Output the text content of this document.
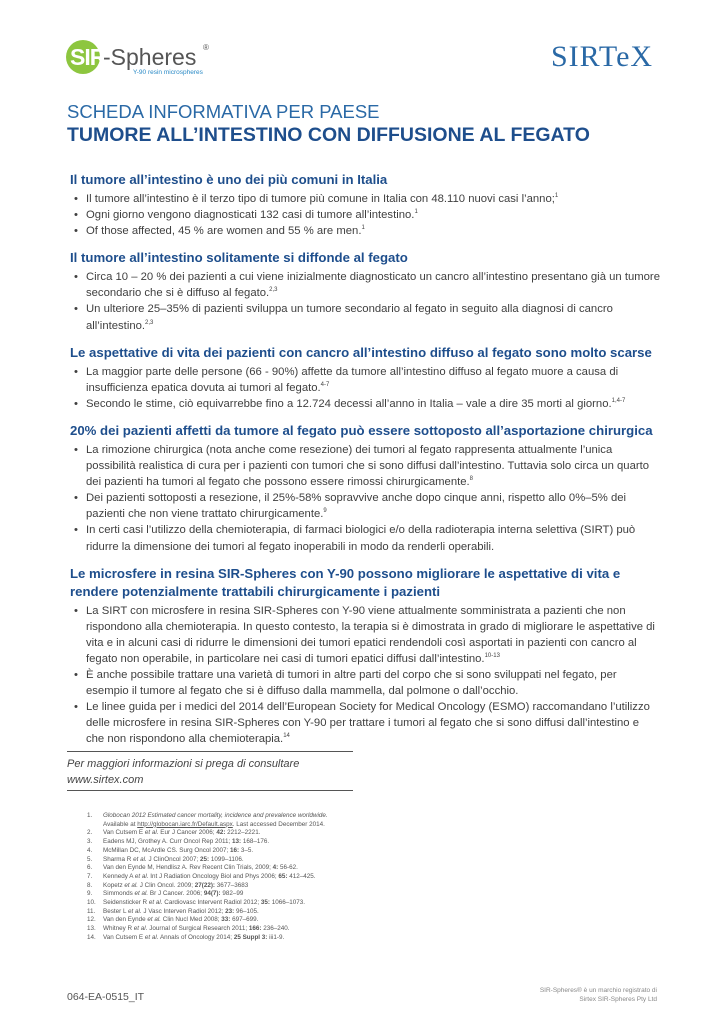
SIR
-Spheres ®
Y-90 resin microspheres	SIRTeX
SCHEDA INFORMATIVA PER PAESE
TUMORE ALL’INTESTINO CON DIFFUSIONE AL FEGATO
Il tumore all’intestino è uno dei più comuni in Italia
• Il tumore all’intestino è il terzo tipo di tumore più comune in Italia con 48.110 nuovi casi l’anno;$^1$
• Ogni giorno vengono diagnosticati 132 casi di tumore all’intestino.$^1$
• Of those affected, 45 % are women and 55 % are men.$^1$
Il tumore all’intestino solitamente si diffonde al fegato
• Circa 10 – 20 % dei pazienti a cui viene inizialmente diagnosticato un cancro all’intestino presentano già un tumore secondario che si è diffuso al fegato.$^{2,3}$
• Un ulteriore 25–35% di pazienti sviluppa un tumore secondario al fegato in seguito alla diagnosi di cancro all’intestino.$^{2,3}$
Le aspettative di vita dei pazienti con cancro all’intestino diffuso al fegato sono molto scarse
• La maggior parte delle persone (66 - 90%) affette da tumore all’intestino diffuso al fegato muore a causa di insufficienza epatica dovuta ai tumori al fegato.$^{4-7}$
• Secondo le stime, ciò equivarrebbe fino a 12.724 decessi all’anno in Italia – vale a dire 35 morti al giorno.$^{1,4-7}$
20% dei pazienti affetti da tumore al fegato può essere sottoposto all’asportazione chirurgica
• La rimozione chirurgica (nota anche come resezione) dei tumori al fegato rappresenta attualmente l’unica possibilità realistica di cura per i pazienti con tumori che si sono diffusi dall’intestino. Tuttavia solo circa un quarto dei pazienti ha tumori al fegato che possono essere rimossi chirurgicamente.$^8$
• Dei pazienti sottoposti a resezione, il 25%-58% sopravvive anche dopo cinque anni, rispetto allo 0%–5% dei pazienti che non viene trattato chirurgicamente.$^9$
• In certi casi l’utilizzo della chemioterapia, di farmaci biologici e/o della radioterapia interna selettiva (SIRT) può ridurre la dimensione dei tumori al fegato inoperabili in modo da renderli operabili.
Le microsfere in resina SIR-Spheres con Y-90 possono migliorare le aspettative di vita e rendere potenzialmente trattabili chirurgicamente i pazienti
• La SIRT con microsfere in resina SIR-Spheres con Y-90 viene attualmente somministrata a pazienti che non rispondono alla chemioterapia. In questo contesto, la terapia si è dimostrata in grado di migliorare le aspettative di vita e in alcuni casi di ridurre le dimensioni dei tumori epatici rendendoli così asportati in pazienti con cancro al fegato non operabile, in particolare nei casi di tumori epatici diffusi dall’intestino.$^{10-13}$
• È anche possibile trattare una varietà di tumori in altre parti del corpo che si sono sviluppati nel fegato, per esempio il tumore al fegato che si è diffuso dalla mammella, dal polmone o dall’occhio.
• Le linee guida per i medici del 2014 dell’European Society for Medical Oncology (ESMO) raccomandano l’utilizzo delle microsfere in resina SIR-Spheres con Y-90 per trattare i tumori al fegato che si sono diffusi dall’intestino e che non rispondono alla chemioterapia.$^{14}$
Per maggiori informazioni si prega di consultare
www.sirtex.com
1. Globocan 2012 Estimated cancer mortality, incidence and prevalence worldwide.
Available at http://globocan.iarc.fr/Default.aspx. Last accessed December 2014.
2. Van Cutsem E et al. Eur J Cancer 2006; 42: 2212–2221.
3. Eadens MJ, Grothey A. Curr Oncol Rep 2011; 13: 168–176.
4. McMillan DC, McArdle CS. Surg Oncol 2007; 16: 3–5.
5. Sharma R et al. J ClinOncol 2007; 25: 1099–1106.
6. Van den Eynde M, Hendlisz A. Rev Recent Clin Trials, 2009; 4: 56-62.
7. Kennedy A et al. Int J Radiation Oncology Biol and Phys 2006; 65: 412–425.
8. Kopetz et al. J Clin Oncol. 2009; 27(22): 3677–3683
9. Simmonds et al. Br J Cancer. 2006; 94(7): 982–99
10. Seidensticker R et al. Cardiovasc Intervent Radiol 2012; 35: 1066–1073.
11. Bester L et al. J Vasc Interven Radiol 2012; 23: 96–105.
12. Van den Eynde et al. Clin Nucl Med 2008; 33: 697–699.
13. Whitney R et al. Journal of Surgical Research 2011; 166: 236–240.
14. Van Cutsem E et al. Annals of Oncology 2014; 25 Suppl 3: iii1-9.
064-EA-0515_IT
SIR-Spheres® è un marchio registrato di
Sirtex SIR-Spheres Pty Ltd
